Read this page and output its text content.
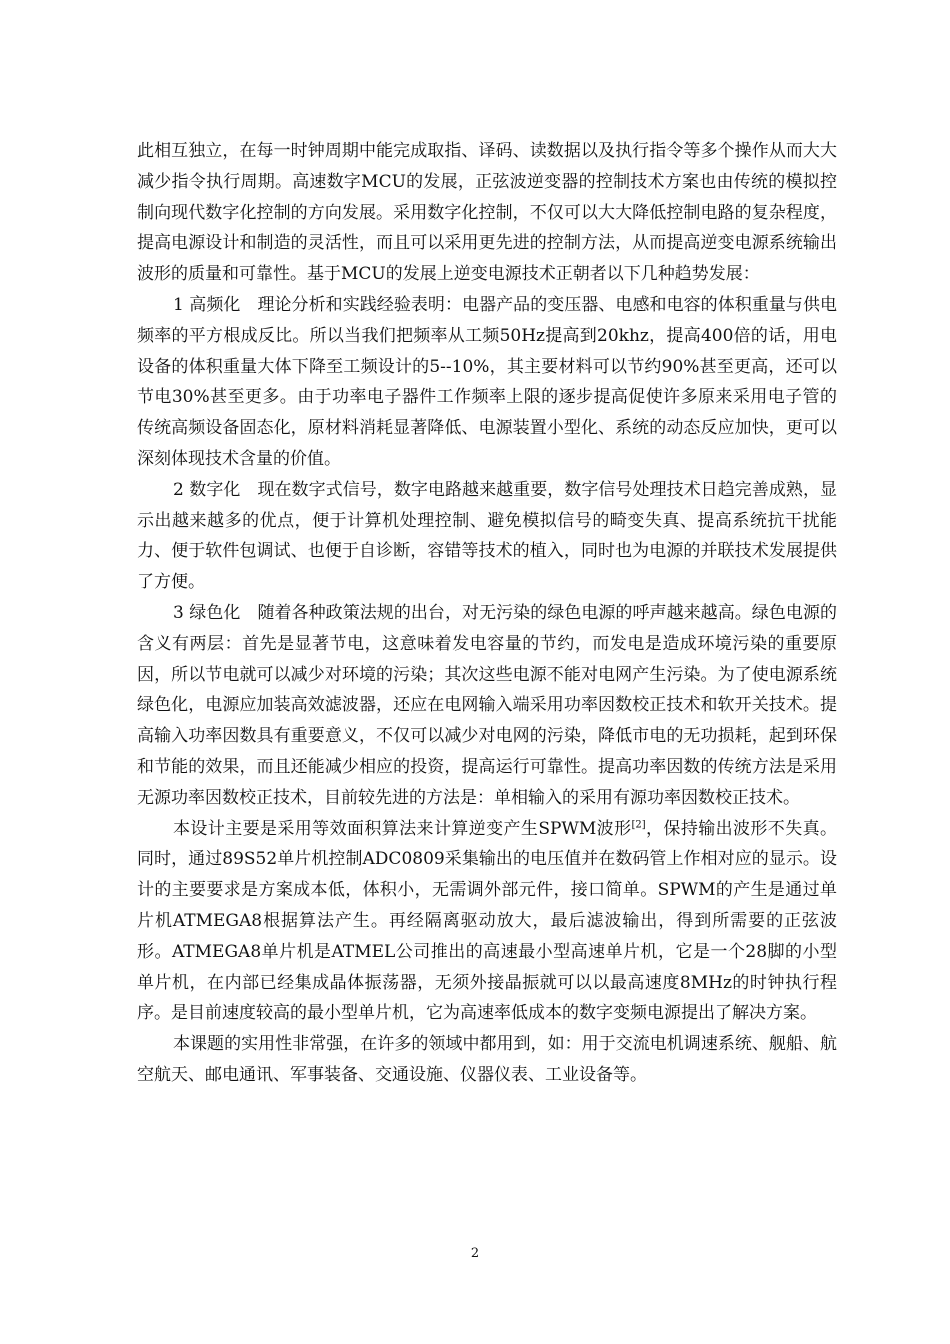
此相互独立，在每一时钟周期中能完成取指、译码、读数据以及执行指令等多个操作从而大大减少指令执行周期。高速数字MCU的发展，正弦波逆变器的控制技术方案也由传统的模拟控制向现代数字化控制的方向发展。采用数字化控制，不仅可以大大降低控制电路的复杂程度，提高电源设计和制造的灵活性，而且可以采用更先进的控制方法，从而提高逆变电源系统输出波形的质量和可靠性。基于MCU的发展上逆变电源技术正朝者以下几种趋势发展：

1 高频化　理论分析和实践经验表明：电器产品的变压器、电感和电容的体积重量与供电频率的平方根成反比。所以当我们把频率从工频50Hz提高到20khz，提高400倍的话，用电设备的体积重量大体下降至工频设计的5--10%，其主要材料可以节约90%甚至更高，还可以节电30%甚至更多。由于功率电子器件工作频率上限的逐步提高促使许多原来采用电子管的传统高频设备固态化，原材料消耗显著降低、电源装置小型化、系统的动态反应加快，更可以深刻体现技术含量的价值。

2 数字化　现在数字式信号，数字电路越来越重要，数字信号处理技术日趋完善成熟，显示出越来越多的优点，便于计算机处理控制、避免模拟信号的畸变失真、提高系统抗干扰能力、便于软件包调试、也便于自诊断，容错等技术的植入，同时也为电源的并联技术发展提供了方便。

3 绿色化　随着各种政策法规的出台，对无污染的绿色电源的呼声越来越高。绿色电源的含义有两层：首先是显著节电，这意味着发电容量的节约，而发电是造成环境污染的重要原因，所以节电就可以减少对环境的污染；其次这些电源不能对电网产生污染。为了使电源系统绿色化，电源应加装高效滤波器，还应在电网输入端采用功率因数校正技术和软开关技术。提高输入功率因数具有重要意义，不仅可以减少对电网的污染，降低市电的无功损耗，起到环保和节能的效果，而且还能减少相应的投资，提高运行可靠性。提高功率因数的传统方法是采用无源功率因数校正技术，目前较先进的方法是：单相输入的采用有源功率因数校正技术。

本设计主要是采用等效面积算法来计算逆变产生SPWM波形[2]，保持输出波形不失真。同时，通过89S52单片机控制ADC0809采集输出的电压值并在数码管上作相对应的显示。设计的主要要求是方案成本低，体积小，无需调外部元件，接口简单。SPWM的产生是通过单片机ATMEGA8根据算法产生。再经隔离驱动放大，最后滤波输出，得到所需要的正弦波形。ATMEGA8单片机是ATMEL公司推出的高速最小型高速单片机，它是一个28脚的小型单片机，在内部已经集成晶体振荡器，无须外接晶振就可以以最高速度8MHz的时钟执行程序。是目前速度较高的最小型单片机，它为高速率低成本的数字变频电源提出了解决方案。

本课题的实用性非常强，在许多的领域中都用到，如：用于交流电机调速系统、舰船、航空航天、邮电通讯、军事装备、交通设施、仪器仪表、工业设备等。

2
